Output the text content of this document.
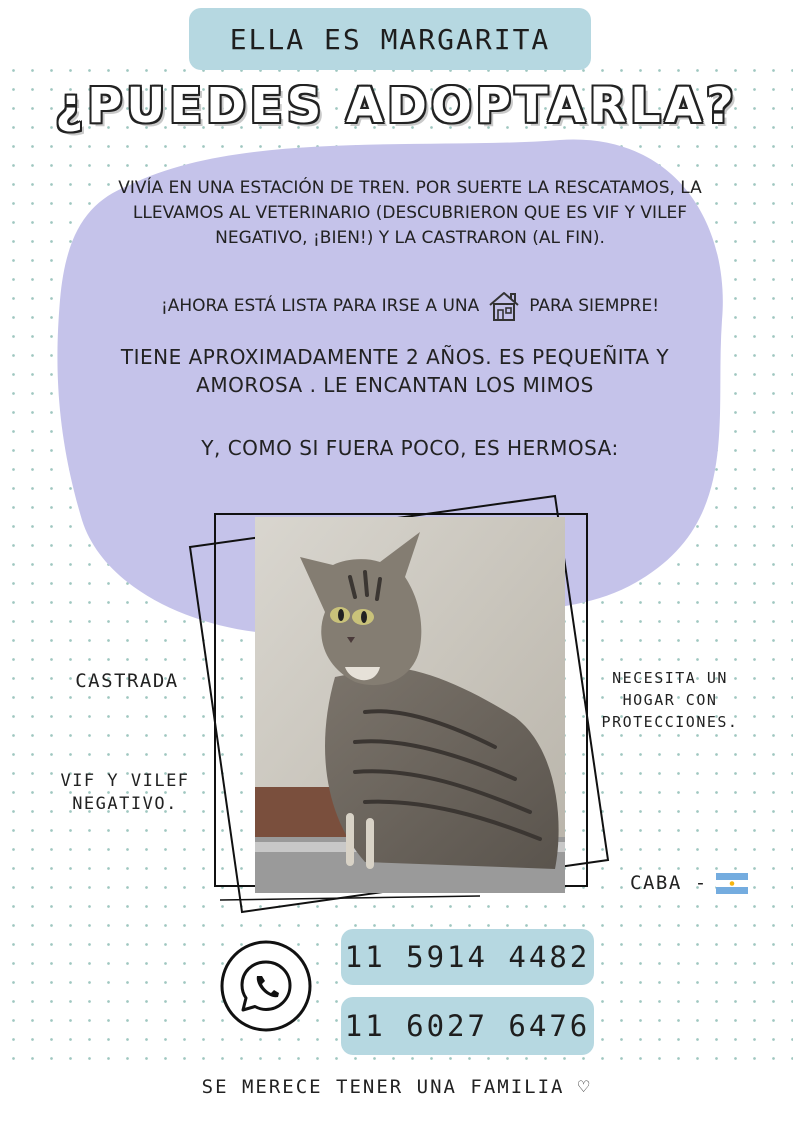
ELLA ES MARGARITA
¿PUEDES ADOPTARLA?
VIVÍA EN UNA ESTACIÓN DE TREN. POR SUERTE LA RESCATAMOS, LA LLEVAMOS AL VETERINARIO (DESCUBRIERON QUE ES VIF Y VILEF NEGATIVO, ¡BIEN!) Y LA CASTRARON (AL FIN).
¡AHORA ESTÁ LISTA PARA IRSE A UNA	PARA SIEMPRE!
TIENE APROXIMADAMENTE 2 AÑOS. ES PEQUEÑITA Y AMOROSA . LE ENCANTAN LOS MIMOS
Y, COMO SI FUERA POCO, ES HERMOSA:
CASTRADA
VIF Y VILEF NEGATIVO.
NECESITA UN HOGAR CON PROTECCIONES.
CABA -
11 5914 4482
11 6027 6476
SE MERECE TENER UNA FAMILIA ♡
